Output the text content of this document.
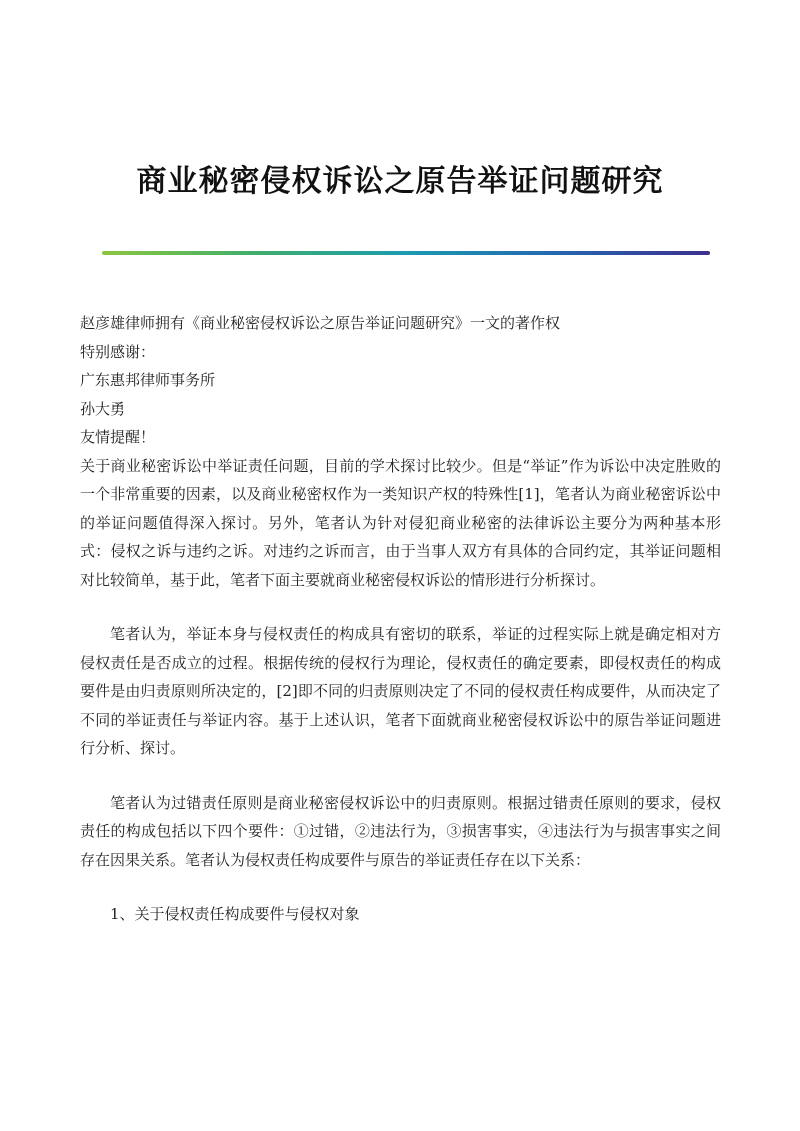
商业秘密侵权诉讼之原告举证问题研究
赵彦雄律师拥有《商业秘密侵权诉讼之原告举证问题研究》一文的著作权
特别感谢：
广东惠邦律师事务所
孙大勇
友情提醒！

关于商业秘密诉讼中举证责任问题，目前的学术探讨比较少。但是“举证”作为诉讼中决定胜败的一个非常重要的因素，以及商业秘密权作为一类知识产权的特殊性[1]，笔者认为商业秘密诉讼中的举证问题值得深入探讨。另外，笔者认为针对侵犯商业秘密的法律诉讼主要分为两种基本形式：侵权之诉与违约之诉。对违约之诉而言，由于当事人双方有具体的合同约定，其举证问题相对比较简单，基于此，笔者下面主要就商业秘密侵权诉讼的情形进行分析探讨。

笔者认为，举证本身与侵权责任的构成具有密切的联系，举证的过程实际上就是确定相对方侵权责任是否成立的过程。根据传统的侵权行为理论，侵权责任的确定要素，即侵权责任的构成要件是由归责原则所决定的，[2]即不同的归责原则决定了不同的侵权责任构成要件，从而决定了不同的举证责任与举证内容。基于上述认识，笔者下面就商业秘密侵权诉讼中的原告举证问题进行分析、探讨。

笔者认为过错责任原则是商业秘密侵权诉讼中的归责原则。根据过错责任原则的要求，侵权责任的构成包括以下四个要件：①过错，②违法行为，③损害事实，④违法行为与损害事实之间存在因果关系。笔者认为侵权责任构成要件与原告的举证责任存在以下关系：

1、关于侵权责任构成要件与侵权对象
